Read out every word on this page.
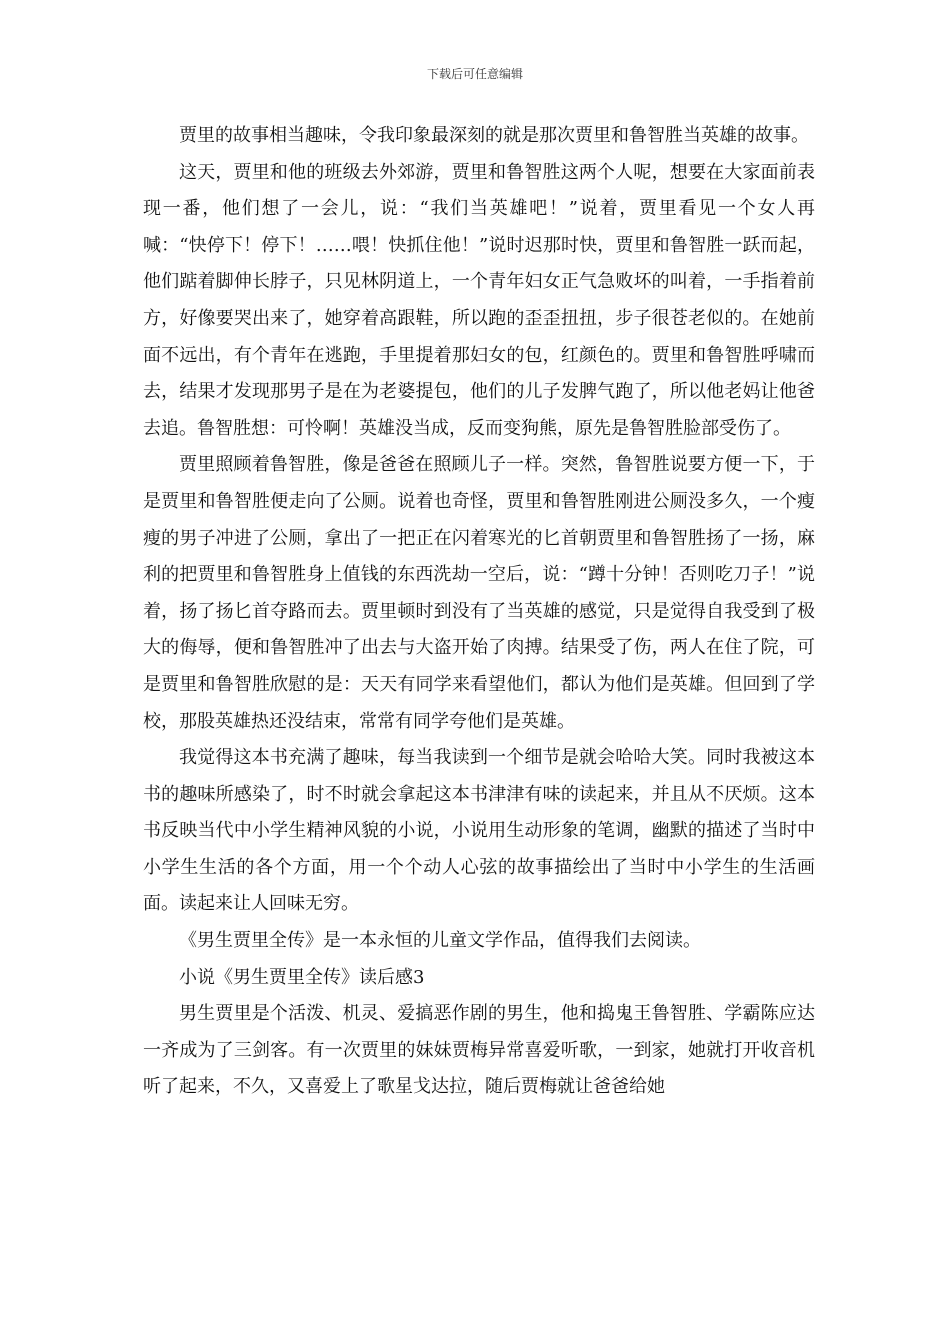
下载后可任意编辑

贾里的故事相当趣味，令我印象最深刻的就是那次贾里和鲁智胜当英雄的故事。

这天，贾里和他的班级去外郊游，贾里和鲁智胜这两个人呢，想要在大家面前表现一番，他们想了一会儿，说：“我们当英雄吧！”说着，贾里看见一个女人再喊：“快停下！停下！……喂！快抓住他！”说时迟那时快，贾里和鲁智胜一跃而起，他们踮着脚伸长脖子，只见林阴道上，一个青年妇女正气急败坏的叫着，一手指着前方，好像要哭出来了，她穿着高跟鞋，所以跑的歪歪扭扭，步子很苍老似的。在她前面不远出，有个青年在逃跑，手里提着那妇女的包，红颜色的。贾里和鲁智胜呼啸而去，结果才发现那男子是在为老婆提包，他们的儿子发脾气跑了，所以他老妈让他爸去追。鲁智胜想：可怜啊！英雄没当成，反而变狗熊，原先是鲁智胜脸部受伤了。

贾里照顾着鲁智胜，像是爸爸在照顾儿子一样。突然，鲁智胜说要方便一下，于是贾里和鲁智胜便走向了公厕。说着也奇怪，贾里和鲁智胜刚进公厕没多久，一个瘦瘦的男子冲进了公厕，拿出了一把正在闪着寒光的匕首朝贾里和鲁智胜扬了一扬，麻利的把贾里和鲁智胜身上值钱的东西洗劫一空后，说：“蹲十分钟！否则吃刀子！”说着，扬了扬匕首夺路而去。贾里顿时到没有了当英雄的感觉，只是觉得自我受到了极大的侮辱，便和鲁智胜冲了出去与大盗开始了肉搏。结果受了伤，两人在住了院，可是贾里和鲁智胜欣慰的是：天天有同学来看望他们，都认为他们是英雄。但回到了学校，那股英雄热还没结束，常常有同学夸他们是英雄。

我觉得这本书充满了趣味，每当我读到一个细节是就会哈哈大笑。同时我被这本书的趣味所感染了，时不时就会拿起这本书津津有味的读起来，并且从不厌烦。这本书反映当代中小学生精神风貌的小说，小说用生动形象的笔调，幽默的描述了当时中小学生生活的各个方面，用一个个动人心弦的故事描绘出了当时中小学生的生活画面。读起来让人回味无穷。

《男生贾里全传》是一本永恒的儿童文学作品，值得我们去阅读。

小说《男生贾里全传》读后感3

男生贾里是个活泼、机灵、爱搞恶作剧的男生，他和捣鬼王鲁智胜、学霸陈应达一齐成为了三剑客。有一次贾里的妹妹贾梅异常喜爱听歌，一到家，她就打开收音机听了起来，不久，又喜爱上了歌星戈达拉，随后贾梅就让爸爸给她
